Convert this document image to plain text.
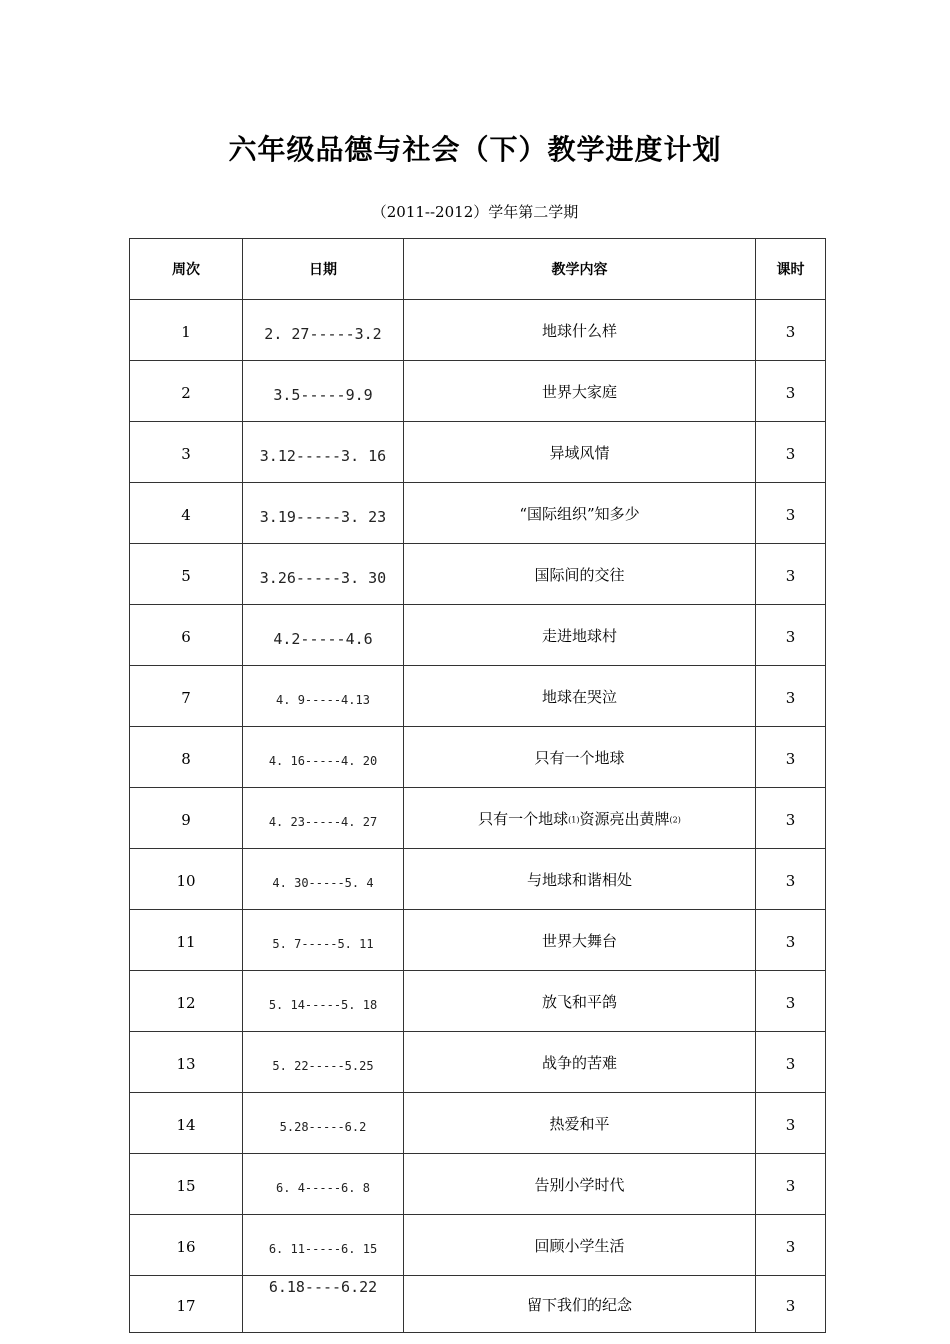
六年级品德与社会（下）教学进度计划

（2011--2012）学年第二学期

周次	日期	教学内容	课时
1	2. 27-----3.2	地球什么样	3
2	3.5-----9.9	世界大家庭	3
3	3.12-----3. 16	异域风情	3
4	3.19-----3. 23	“国际组织”知多少	3
5	3.26-----3. 30	国际间的交往	3
6	4.2-----4.6	走进地球村	3
7	4. 9-----4.13	地球在哭泣	3
8	4. 16-----4. 20	只有一个地球	3
9	4. 23-----4. 27	只有一个地球(1)资源亮出黄牌(2)	3
10	4. 30-----5. 4	与地球和谐相处	3
11	5. 7-----5. 11	世界大舞台	3
12	5. 14-----5. 18	放飞和平鸽	3
13	5. 22-----5.25	战争的苦难	3
14	5.28-----6.2	热爱和平	3
15	6. 4-----6. 8	告别小学时代	3
16	6. 11-----6. 15	回顾小学生活	3
17	6.18----6.22	留下我们的纪念	3
